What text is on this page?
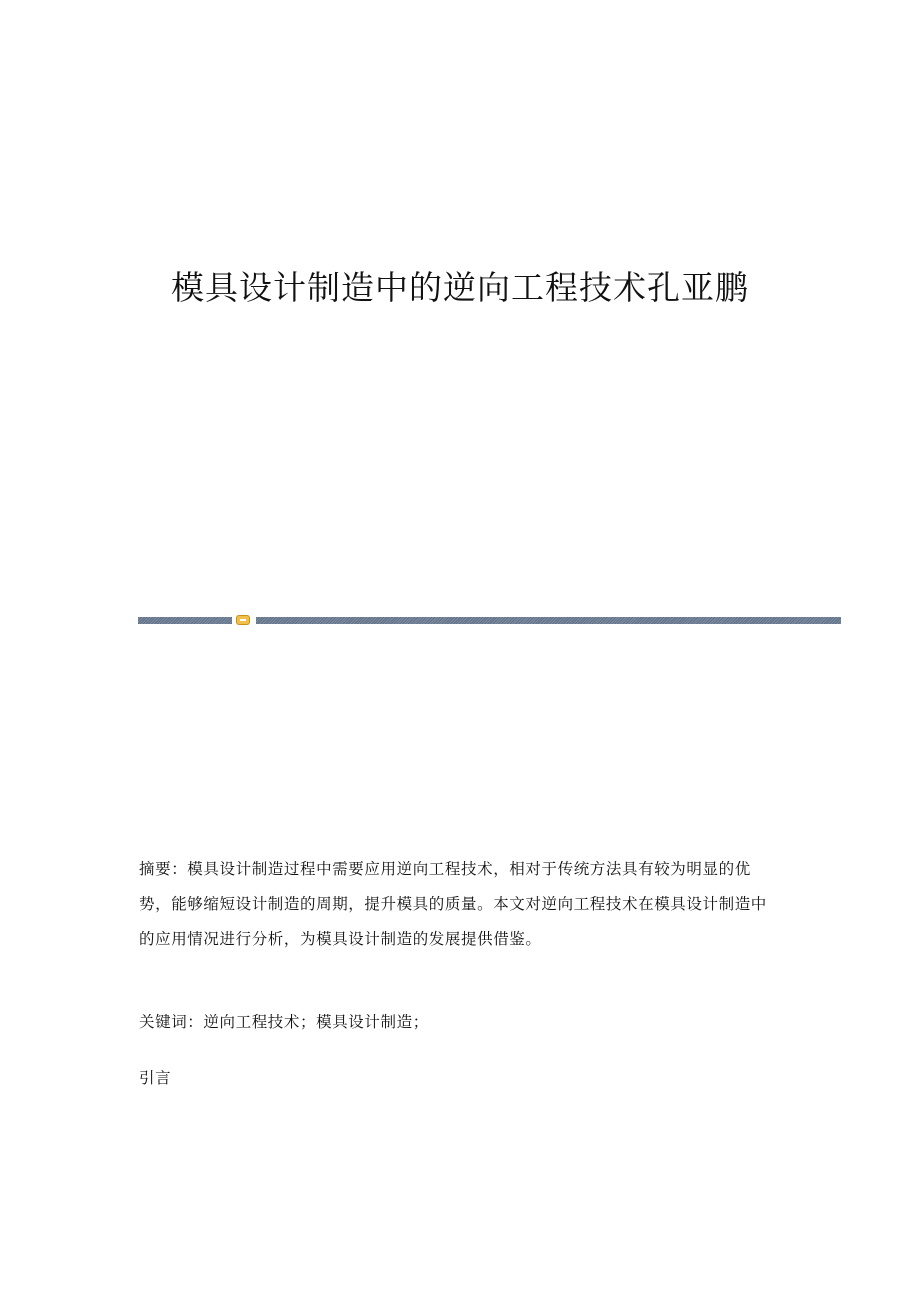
模具设计制造中的逆向工程技术孔亚鹏

摘要：模具设计制造过程中需要应用逆向工程技术，相对于传统方法具有较为明显的优势，能够缩短设计制造的周期，提升模具的质量。本文对逆向工程技术在模具设计制造中的应用情况进行分析，为模具设计制造的发展提供借鉴。

关键词：逆向工程技术；模具设计制造；

引言
